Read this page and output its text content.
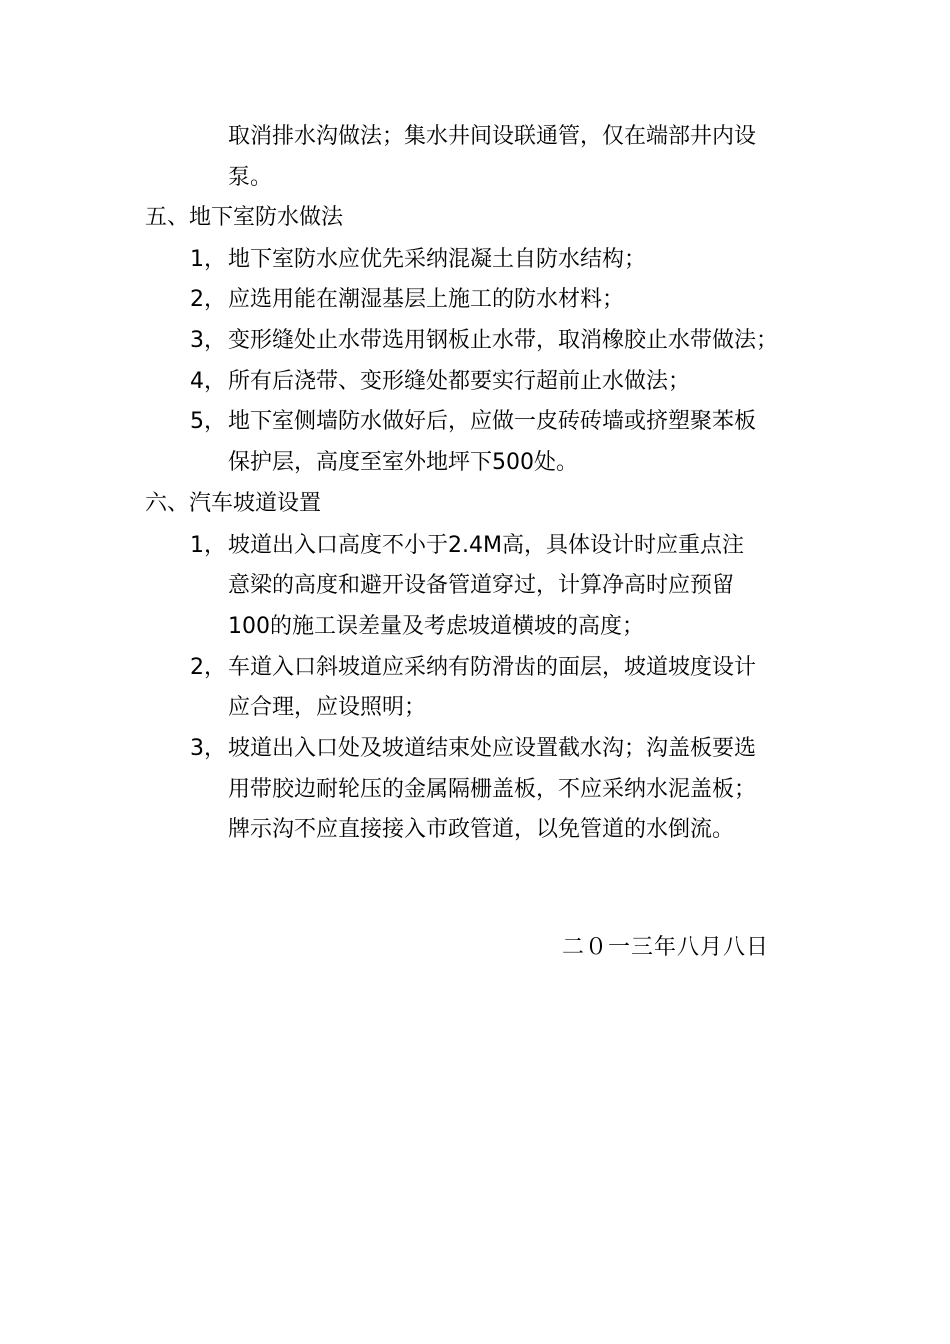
取消排水沟做法；集水井间设联通管，仅在端部井内设
泵。
五、地下室防水做法
1，地下室防水应优先采纳混凝土自防水结构；
2，应选用能在潮湿基层上施工的防水材料；
3，变形缝处止水带选用钢板止水带，取消橡胶止水带做法；
4，所有后浇带、变形缝处都要实行超前止水做法；
5，地下室侧墙防水做好后，应做一皮砖砖墙或挤塑聚苯板
保护层，高度至室外地坪下500处。
六、汽车坡道设置
1，坡道出入口高度不小于2.4M高，具体设计时应重点注
意梁的高度和避开设备管道穿过，计算净高时应预留
100的施工误差量及考虑坡道横坡的高度；
2，车道入口斜坡道应采纳有防滑齿的面层，坡道坡度设计
应合理，应设照明；
3，坡道出入口处及坡道结束处应设置截水沟；沟盖板要选
用带胶边耐轮压的金属隔栅盖板，不应采纳水泥盖板；
牌示沟不应直接接入市政管道，以免管道的水倒流。
二０一三年八月八日
